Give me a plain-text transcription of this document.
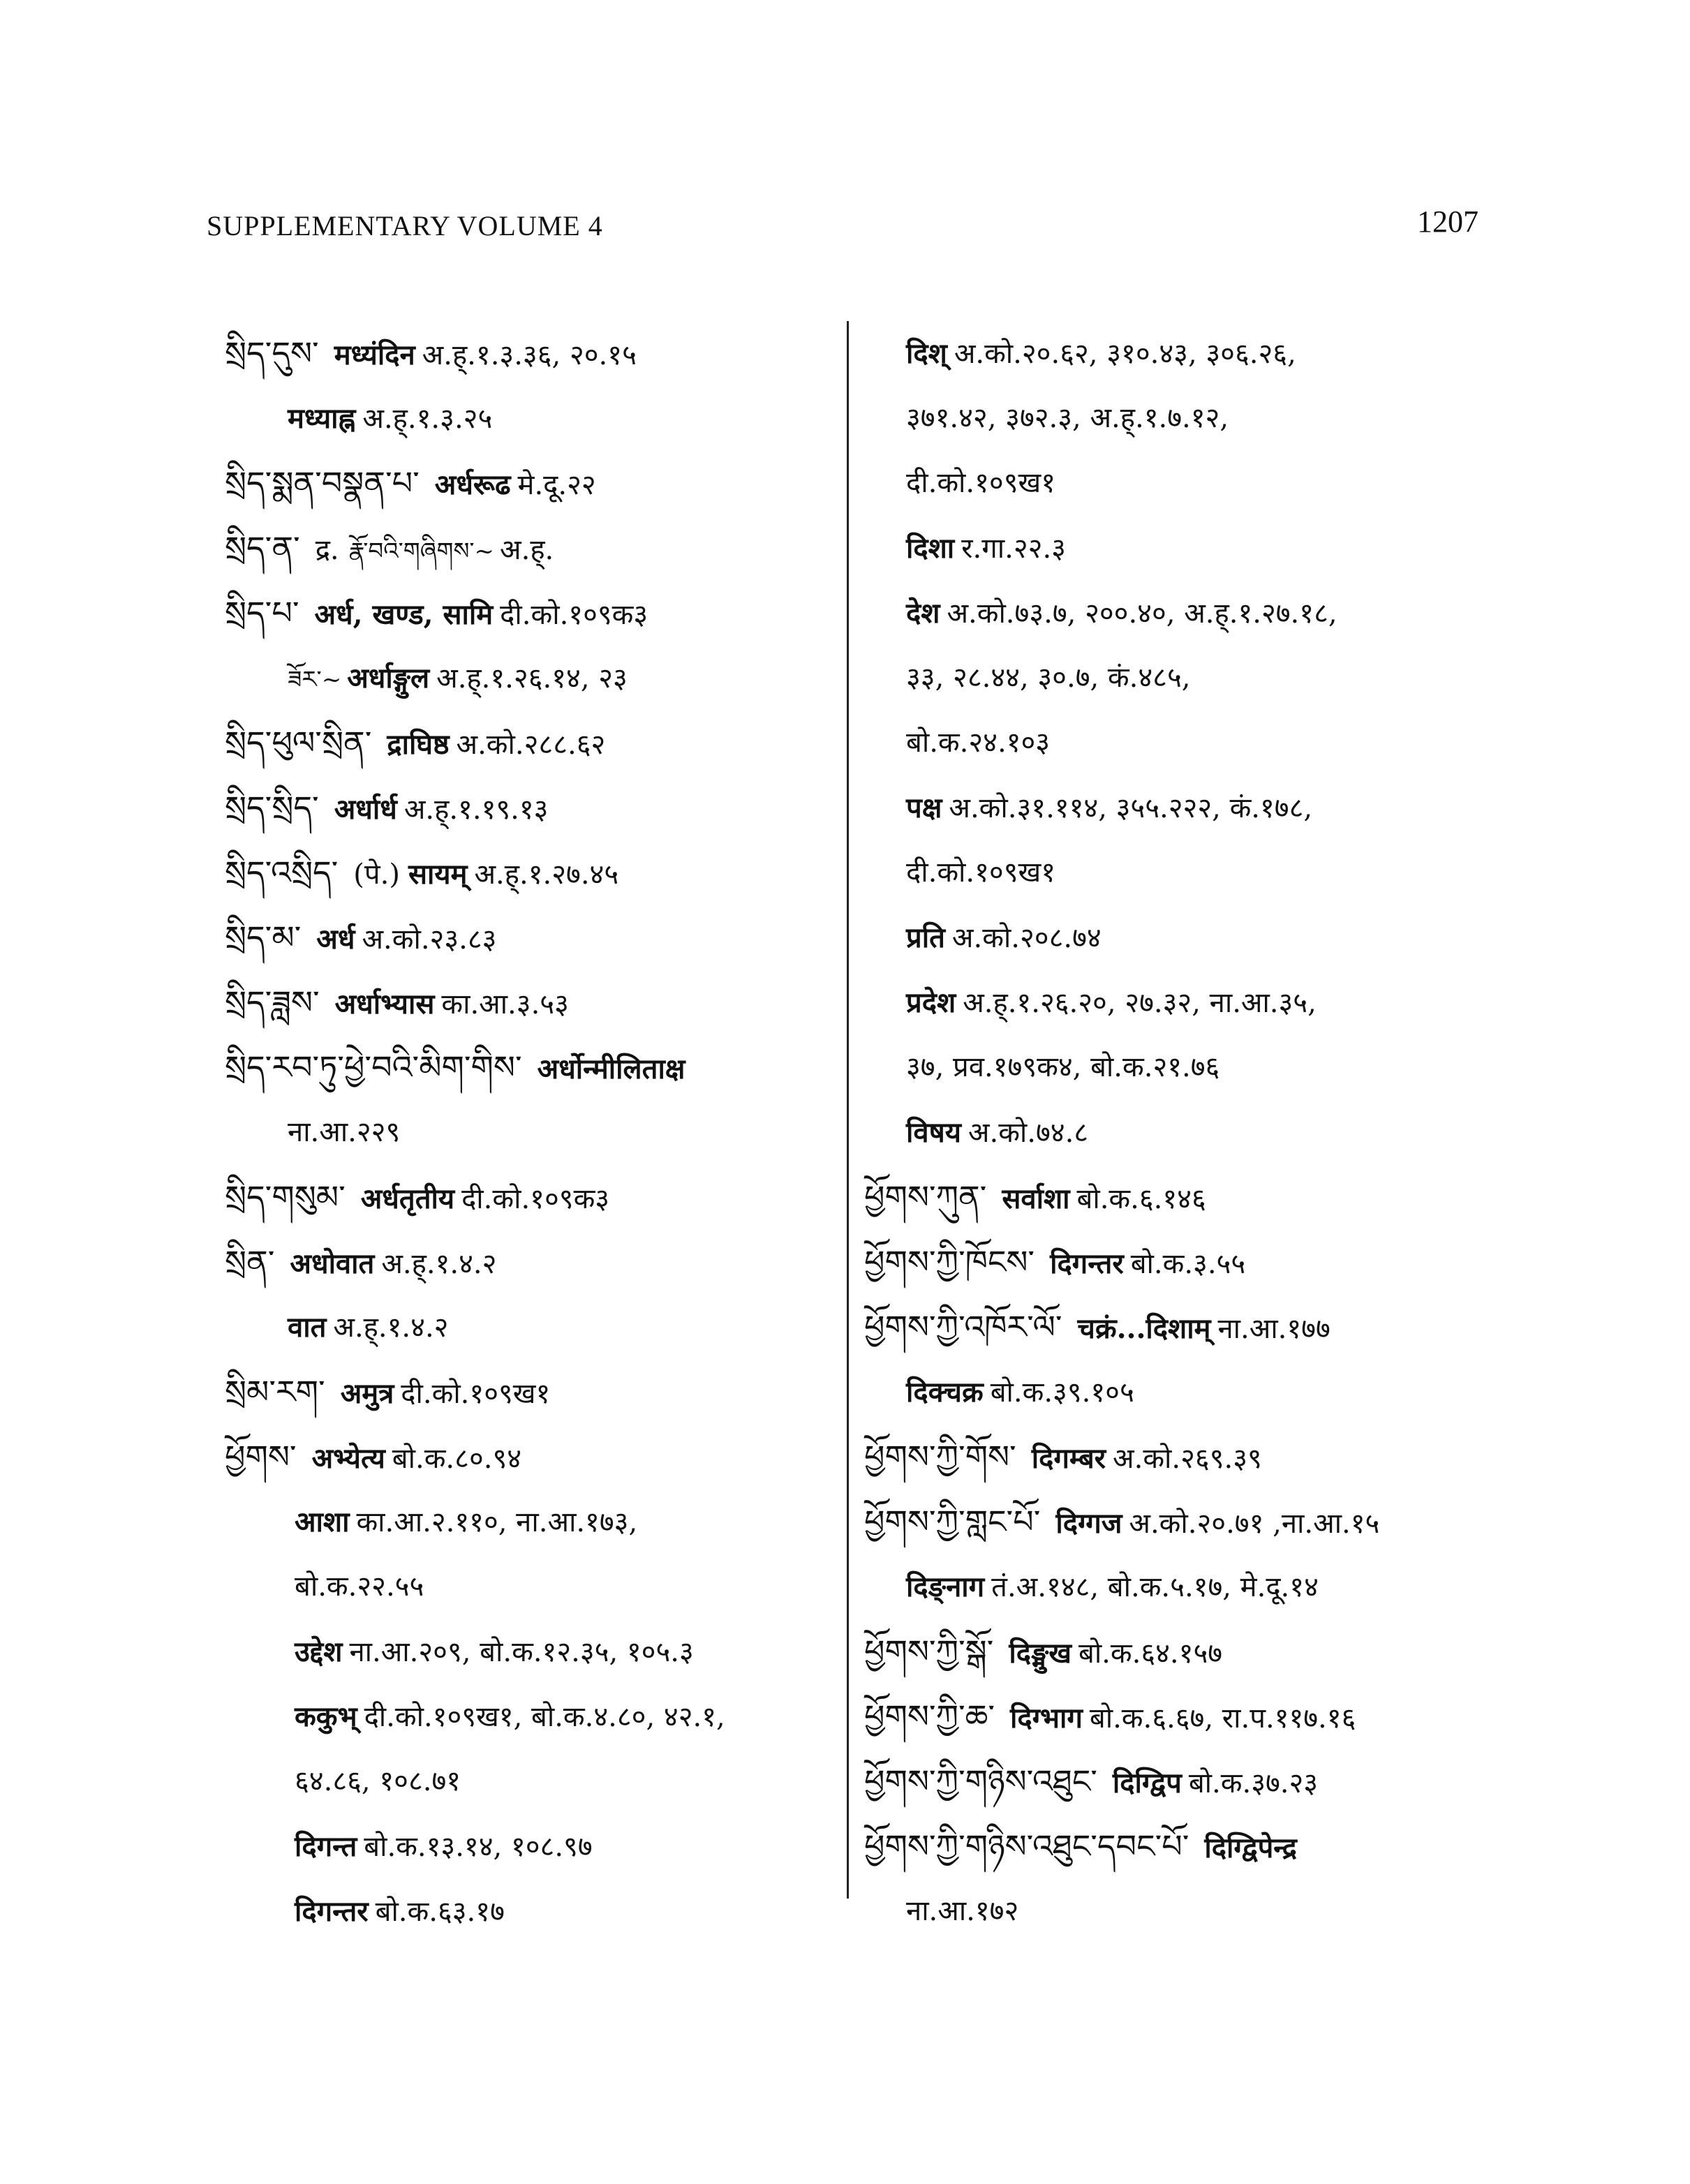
SUPPLEMENTARY VOLUME 4	1207
སྲིད་དུས་ मध्यंदिन अ.ह्.१.३.३६, २०.१५
मध्याह्न अ.ह्.१.३.२५
སྲིད་སྨན་བསྣན་པ་ अर्धरूढ मे.दू.२२
སྲིད་ན་ द्र. རྣོ་བའི་གཞིགས་~ अ.ह्.
སྲིད་པ་ अर्ध, खण्ड, सामि दी.को.१०९क३
ཟོར་~ अर्धाङ्गुल अ.ह्.१.२६.१४, २३
སྲིད་ཕུལ་སྲིན་ द्राघिष्ठ अ.को.२८८.६२
སྲིད་སྲིད་ अर्धार्ध अ.ह्.१.१९.१३
སྲིད་འསྲིད་ (पे.) सायम् अ.ह्.१.२७.४५
སྲིད་མ་ अर्ध अ.को.२३.८३
སྲིད་ཟླས་ अर्धाभ्यास का.आ.३.५३
སྲིད་རབ་ཏུ་ཕྱེ་བའི་མིག་གིས་ अर्धोन्मीलिताक्ष
ना.आ.२२९
སྲིད་གསུམ་ अर्धतृतीय दी.को.१०९क३
སྲིན་ अधोवात अ.ह्.१.४.२
वात अ.ह्.१.४.२
སྲིམ་རག་ अमुत्र दी.को.१०९ख१
ཕྱོགས་ अभ्येत्य बो.क.८०.९४
आशा का.आ.२.११०, ना.आ.१७३,
बो.क.२२.५५
उद्देश ना.आ.२०९, बो.क.१२.३५, १०५.३
ककुभ् दी.को.१०९ख१, बो.क.४.८०, ४२.१,
६४.८६, १०८.७१
दिगन्त बो.क.१३.१४, १०८.९७
दिगन्तर बो.क.६३.१७
दिश् अ.को.२०.६२, ३१०.४३, ३०६.२६,
३७१.४२, ३७२.३, अ.ह्.१.७.१२,
दी.को.१०९ख१
दिशा र.गा.२२.३
देश अ.को.७३.७, २००.४०, अ.ह्.१.२७.१८,
३३, २८.४४, ३०.७, कं.४८५,
बो.क.२४.१०३
पक्ष अ.को.३१.११४, ३५५.२२२, कं.१७८,
दी.को.१०९ख१
प्रति अ.को.२०८.७४
प्रदेश अ.ह्.१.२६.२०, २७.३२, ना.आ.३५,
३७, प्रव.१७९क४, बो.क.२१.७६
विषय अ.को.७४.८
ཕྱོགས་ཀུན་ सर्वाशा बो.क.६.१४६
ཕྱོགས་ཀྱི་ཁོངས་ दिगन्तर बो.क.३.५५
ཕྱོགས་ཀྱི་འཁོར་ལོ་ चक्रं...दिशाम् ना.आ.१७७
दिक्चक्र बो.क.३९.१०५
ཕྱོགས་ཀྱི་གོས་ दिगम्बर अ.को.२६९.३९
ཕྱོགས་ཀྱི་གླང་པོ་ दिग्गज अ.को.२०.७१ ,ना.आ.१५
दिङ्नाग तं.अ.१४८, बो.क.५.१७, मे.दू.१४
ཕྱོགས་ཀྱི་སྒོ་ दिङ्मुख बो.क.६४.१५७
ཕྱོགས་ཀྱི་ཆ་ दिग्भाग बो.क.६.६७, रा.प.११७.१६
ཕྱོགས་ཀྱི་གཉིས་འཐུང་ दिग्द्विप बो.क.३७.२३
ཕྱོགས་ཀྱི་གཉིས་འཐུང་དབང་པོ་ दिग्द्विपेन्द्र
ना.आ.१७२
